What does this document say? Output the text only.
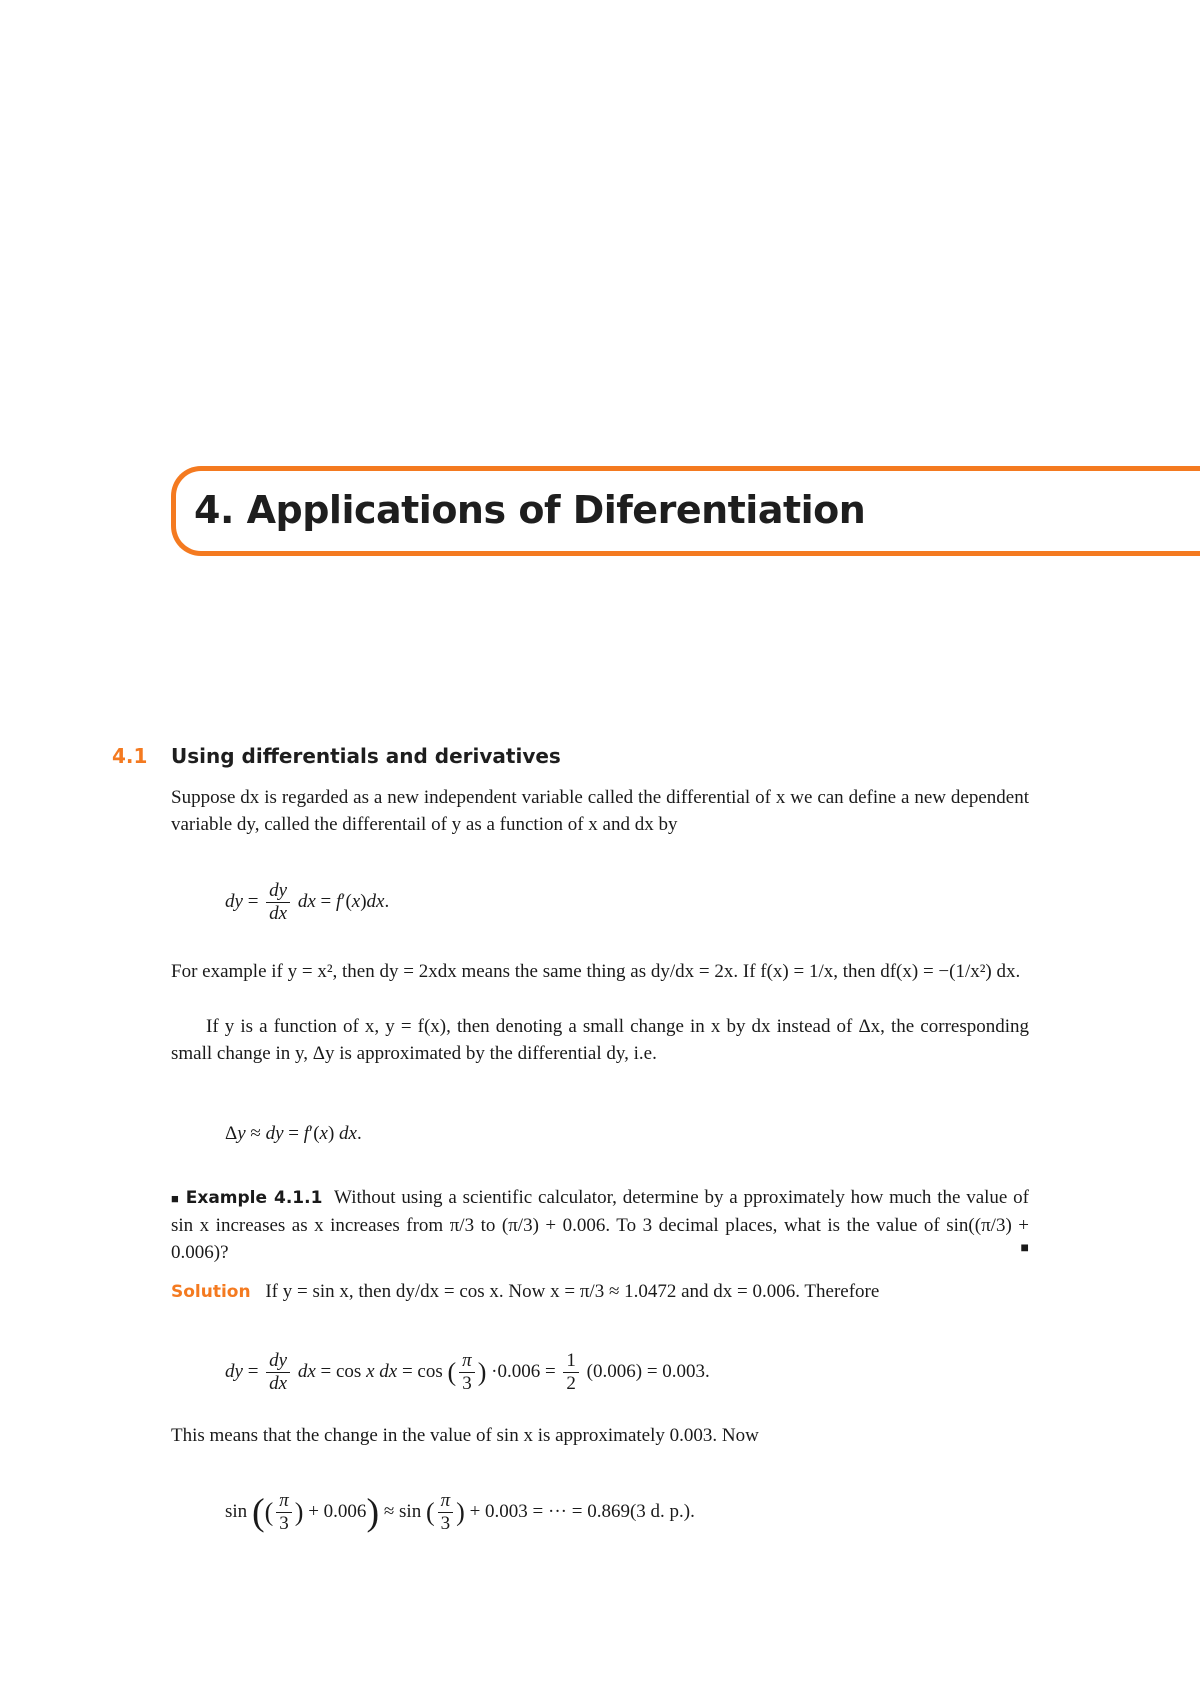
4. Applications of Diferentiation
4.1 Using differentials and derivatives

Suppose dx is regarded as a new independent variable called the differential of x we can define a new dependent variable dy, called the differentail of y as a function of x and dx by

dy = $\frac{dy}{dx}$ dx = f′(x)dx.

For example if y = x², then dy = 2xdx means the same thing as dy/dx = 2x. If f(x) = 1/x, then df(x) = −(1/x²) dx.

If y is a function of x, y = f(x), then denoting a small change in x by dx instead of Δx, the corresponding small change in y, Δy is approximated by the differential dy, i.e.

Δy ≈ dy = f′(x) dx.
■ Example 4.1.1 Without using a scientific calculator, determine by a pproximately how much the value of sin x increases as x increases from π/3 to (π/3) + 0.006. To 3 decimal places, what is the value of sin((π/3) + 0.006)?	■
Solution If y = sin x, then dy/dx = cos x. Now x = π/3 ≈ 1.0472 and dx = 0.006. Therefore
dy = $\frac{dy}{dx}$ dx = cos x dx = cos ( $\frac{\pi}{3}$ ) $\cdot 0.006 = \frac{1}{2} (0.006) = 0.003$.

This means that the change in the value of sin x is approximately 0.003. Now

sin (( $\frac{\pi}{3}$ ) + 0.006) ≈ sin ( $\frac{\pi}{3}$ ) + 0.003 = ··· = 0.869(3 d. p.).
